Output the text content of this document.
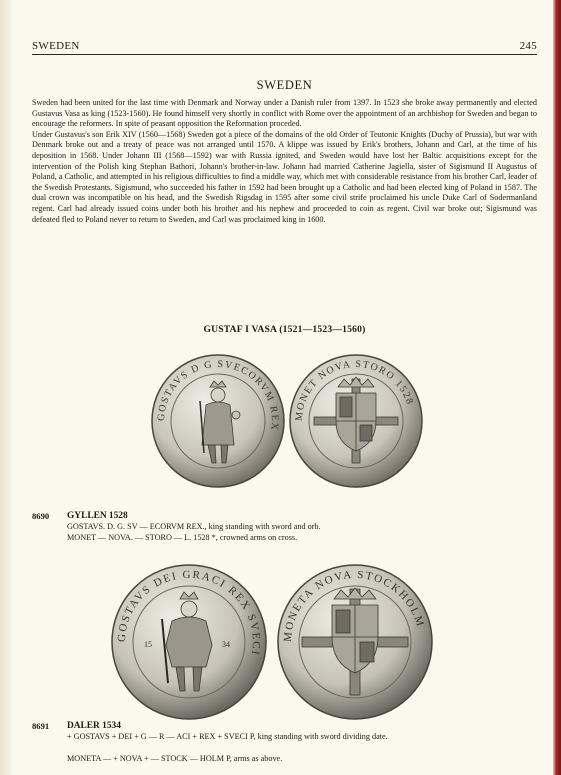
SWEDEN	245
SWEDEN

Sweden had been united for the last time with Denmark and Norway under a Danish ruler from 1397. In 1523 she broke away permanently and elected Gustavus Vasa as king (1523-1560). He found himself very shortly in conflict with Rome over the appointment of an archbishop for Sweden and began to encourage the reformers. In spite of peasant opposition the Reformation proceded.

Under Gustavus's son Erik XIV (1560—1568) Sweden got a piece of the domains of the old Order of Teutonic Knights (Duchy of Prussia), but war with Denmark broke out and a treaty of peace was not arranged until 1570. A klippe was issued by Erik's brothers, Johann and Carl, at the time of his deposition in 1568. Under Johann III (1568—1592) war with Russia ignited, and Sweden would have lost her Baltic acquisitions except for the intervention of the Polish king Stephan Bathori, Johann's brother-in-law. Johann had married Catherine Jagiella, sister of Sigismund II Augustus of Poland, a Catholic, and attempted in his religious difficulties to find a middle way, which met with considerable resistance from his brother Carl, leader of the Swedish Protestants. Sigismund, who succeeded his father in 1592 had been brought up a Catholic and had been elected king of Poland in 1587. The dual crown was incompatible on his head, and the Swedish Rigsdag in 1595 after some civil strife proclaimed his uncle Duke Carl of Sodermanland regent. Carl had already issued coins under both his brother and his nephew and proceeded to coin as regent. Civil war broke out; Sigismund was defeated fled to Poland never to return to Sweden, and Carl was proclaimed king in 1600.

GUSTAF I VASA (1521—1523—1560)
GOSTAVS D G SVECORVM REX
MONET NOVA STORO 1528
8690 GYLLEN 1528
GOSTAVS. D. G. SV — ECORVM REX., king standing with sword and orb.
MONET — NOVA. — STORO — L. 1528 *, crowned arms on cross.
GOSTAVS DEI GRACI REX SVECI
15	34
MONETA NOVA STOCKHOLM
8691 DALER 1534
+ GOSTAVS + DEI + G — R — ACI + REX + SVECI P, king standing with sword dividing date.
MONETA — + NOVA + — STOCK — HOLM P, arms as above.
